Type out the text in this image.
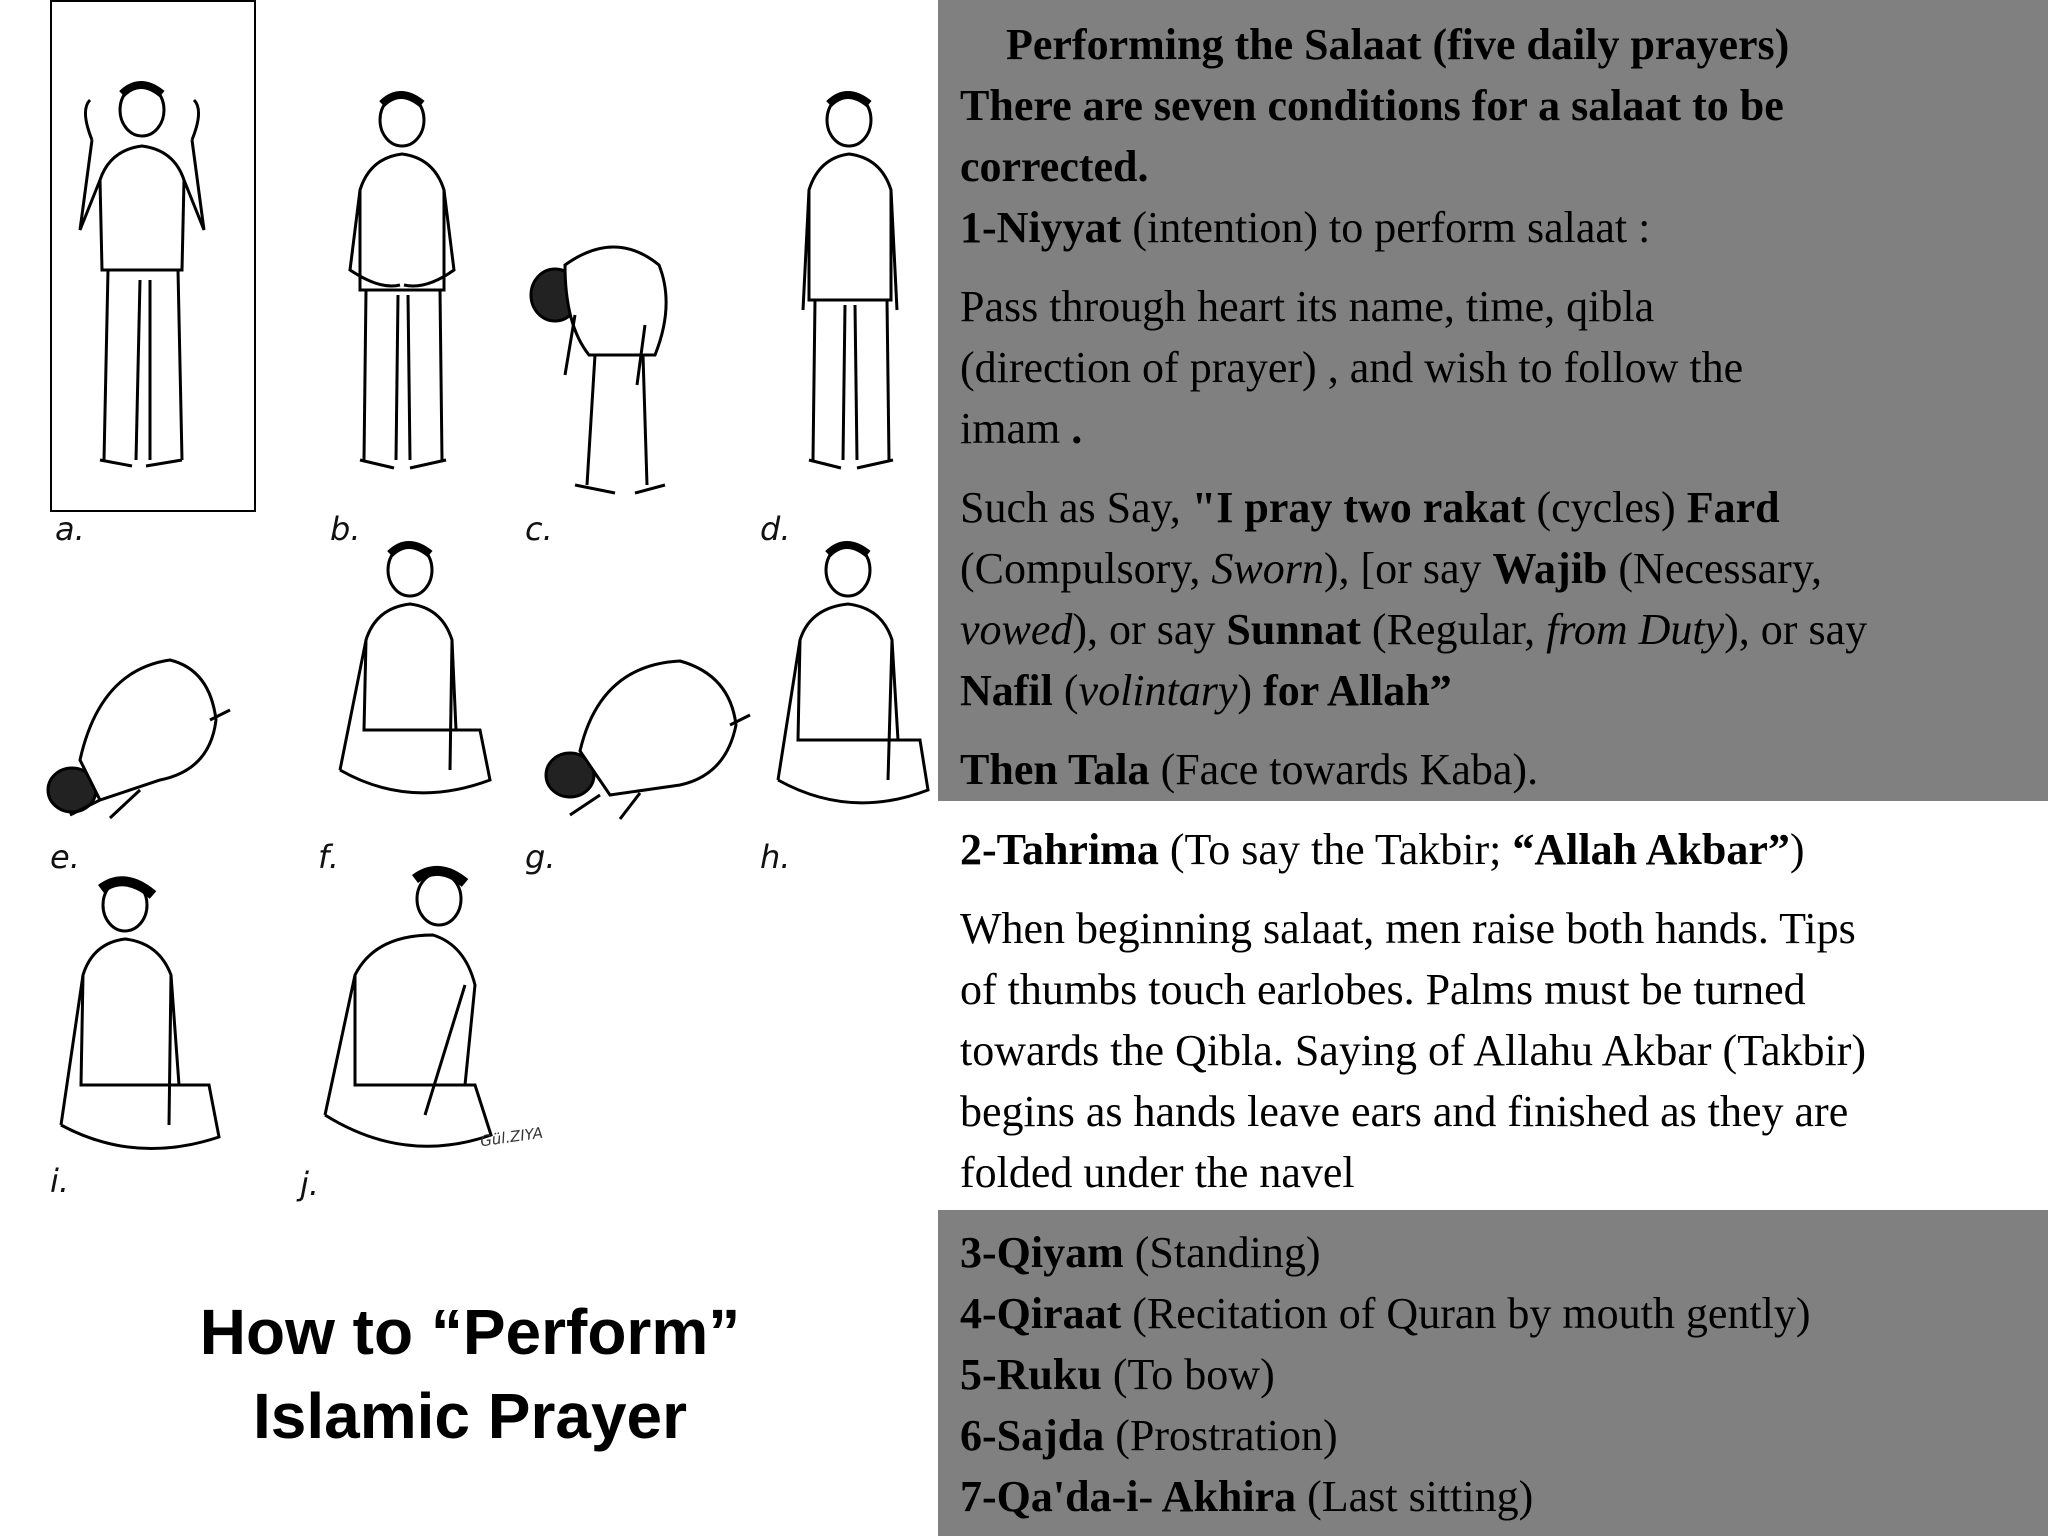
a.	b.	c.	d.
e.	f.	g.	h.
i.	j.
Gül.ZIYA
How to “Perform”
Islamic Prayer

Performing the Salaat (five daily prayers)

There are seven conditions for a salaat to be

corrected.

1-Niyyat (intention) to perform salaat :

Pass through heart its name, time, qibla

(direction of prayer) , and wish to follow the

imam .

Such as Say, "I pray two rakat (cycles) Fard

(Compulsory, Sworn), [or say Wajib (Necessary,

vowed), or say Sunnat (Regular, from Duty), or say

Nafil (volintary) for Allah”

Then Tala (Face towards Kaba).

2-Tahrima (To say the Takbir; “Allah Akbar”)

When beginning salaat, men raise both hands. Tips

of thumbs touch earlobes. Palms must be turned

towards the Qibla. Saying of Allahu Akbar (Takbir)

begins as hands leave ears and finished as they are

folded under the navel

3-Qiyam (Standing)

4-Qiraat (Recitation of Quran by mouth gently)

5-Ruku (To bow)

6-Sajda (Prostration)

7-Qa'da-i- Akhira (Last sitting)
